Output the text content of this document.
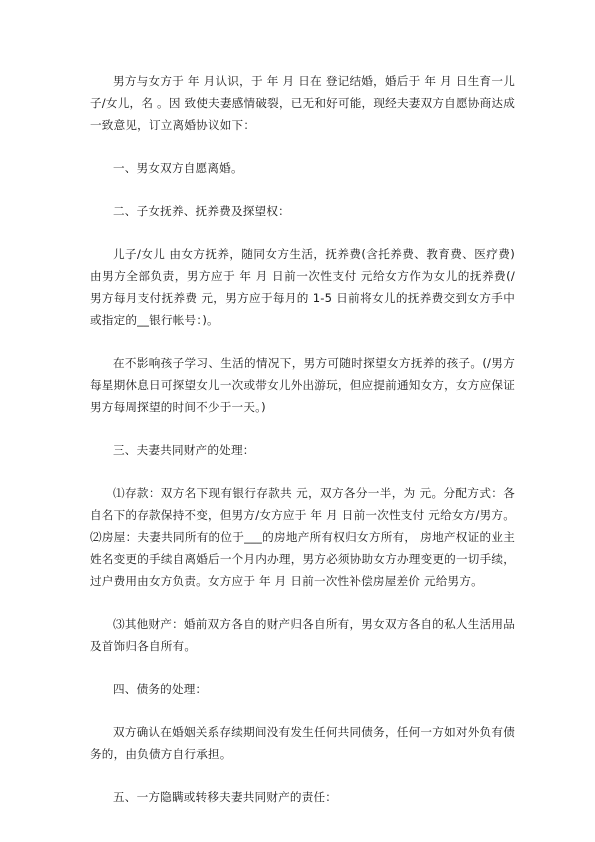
男方与女方于 年 月认识，于 年 月 日在 登记结婚，婚后于 年 月 日生育一儿子/女儿，名 。因 致使夫妻感情破裂，已无和好可能，现经夫妻双方自愿协商达成一致意见，订立离婚协议如下：

一、男女双方自愿离婚。

二、子女抚养、抚养费及探望权：

儿子/女儿 由女方抚养，随同女方生活，抚养费(含托养费、教育费、医疗费)由男方全部负责，男方应于 年 月 日前一次性支付 元给女方作为女儿的抚养费(/男方每月支付抚养费 元，男方应于每月的 1-5 日前将女儿的抚养费交到女方手中或指定的__银行帐号：)。

在不影响孩子学习、生活的情况下，男方可随时探望女方抚养的孩子。(/男方每星期休息日可探望女儿一次或带女儿外出游玩，但应提前通知女方，女方应保证男方每周探望的时间不少于一天。)

三、夫妻共同财产的处理：

⑴存款：双方名下现有银行存款共 元，双方各分一半，为 元。分配方式：各自名下的存款保持不变，但男方/女方应于 年 月 日前一次性支付 元给女方/男方。⑵房屋：夫妻共同所有的位于___的房地产所有权归女方所有， 房地产权证的业主姓名变更的手续自离婚后一个月内办理，男方必须协助女方办理变更的一切手续，过户费用由女方负责。女方应于 年 月 日前一次性补偿房屋差价 元给男方。

⑶其他财产：婚前双方各自的财产归各自所有，男女双方各自的私人生活用品及首饰归各自所有。

四、债务的处理：

双方确认在婚姻关系存续期间没有发生任何共同债务，任何一方如对外负有债务的，由负债方自行承担。

五、一方隐瞒或转移夫妻共同财产的责任：
